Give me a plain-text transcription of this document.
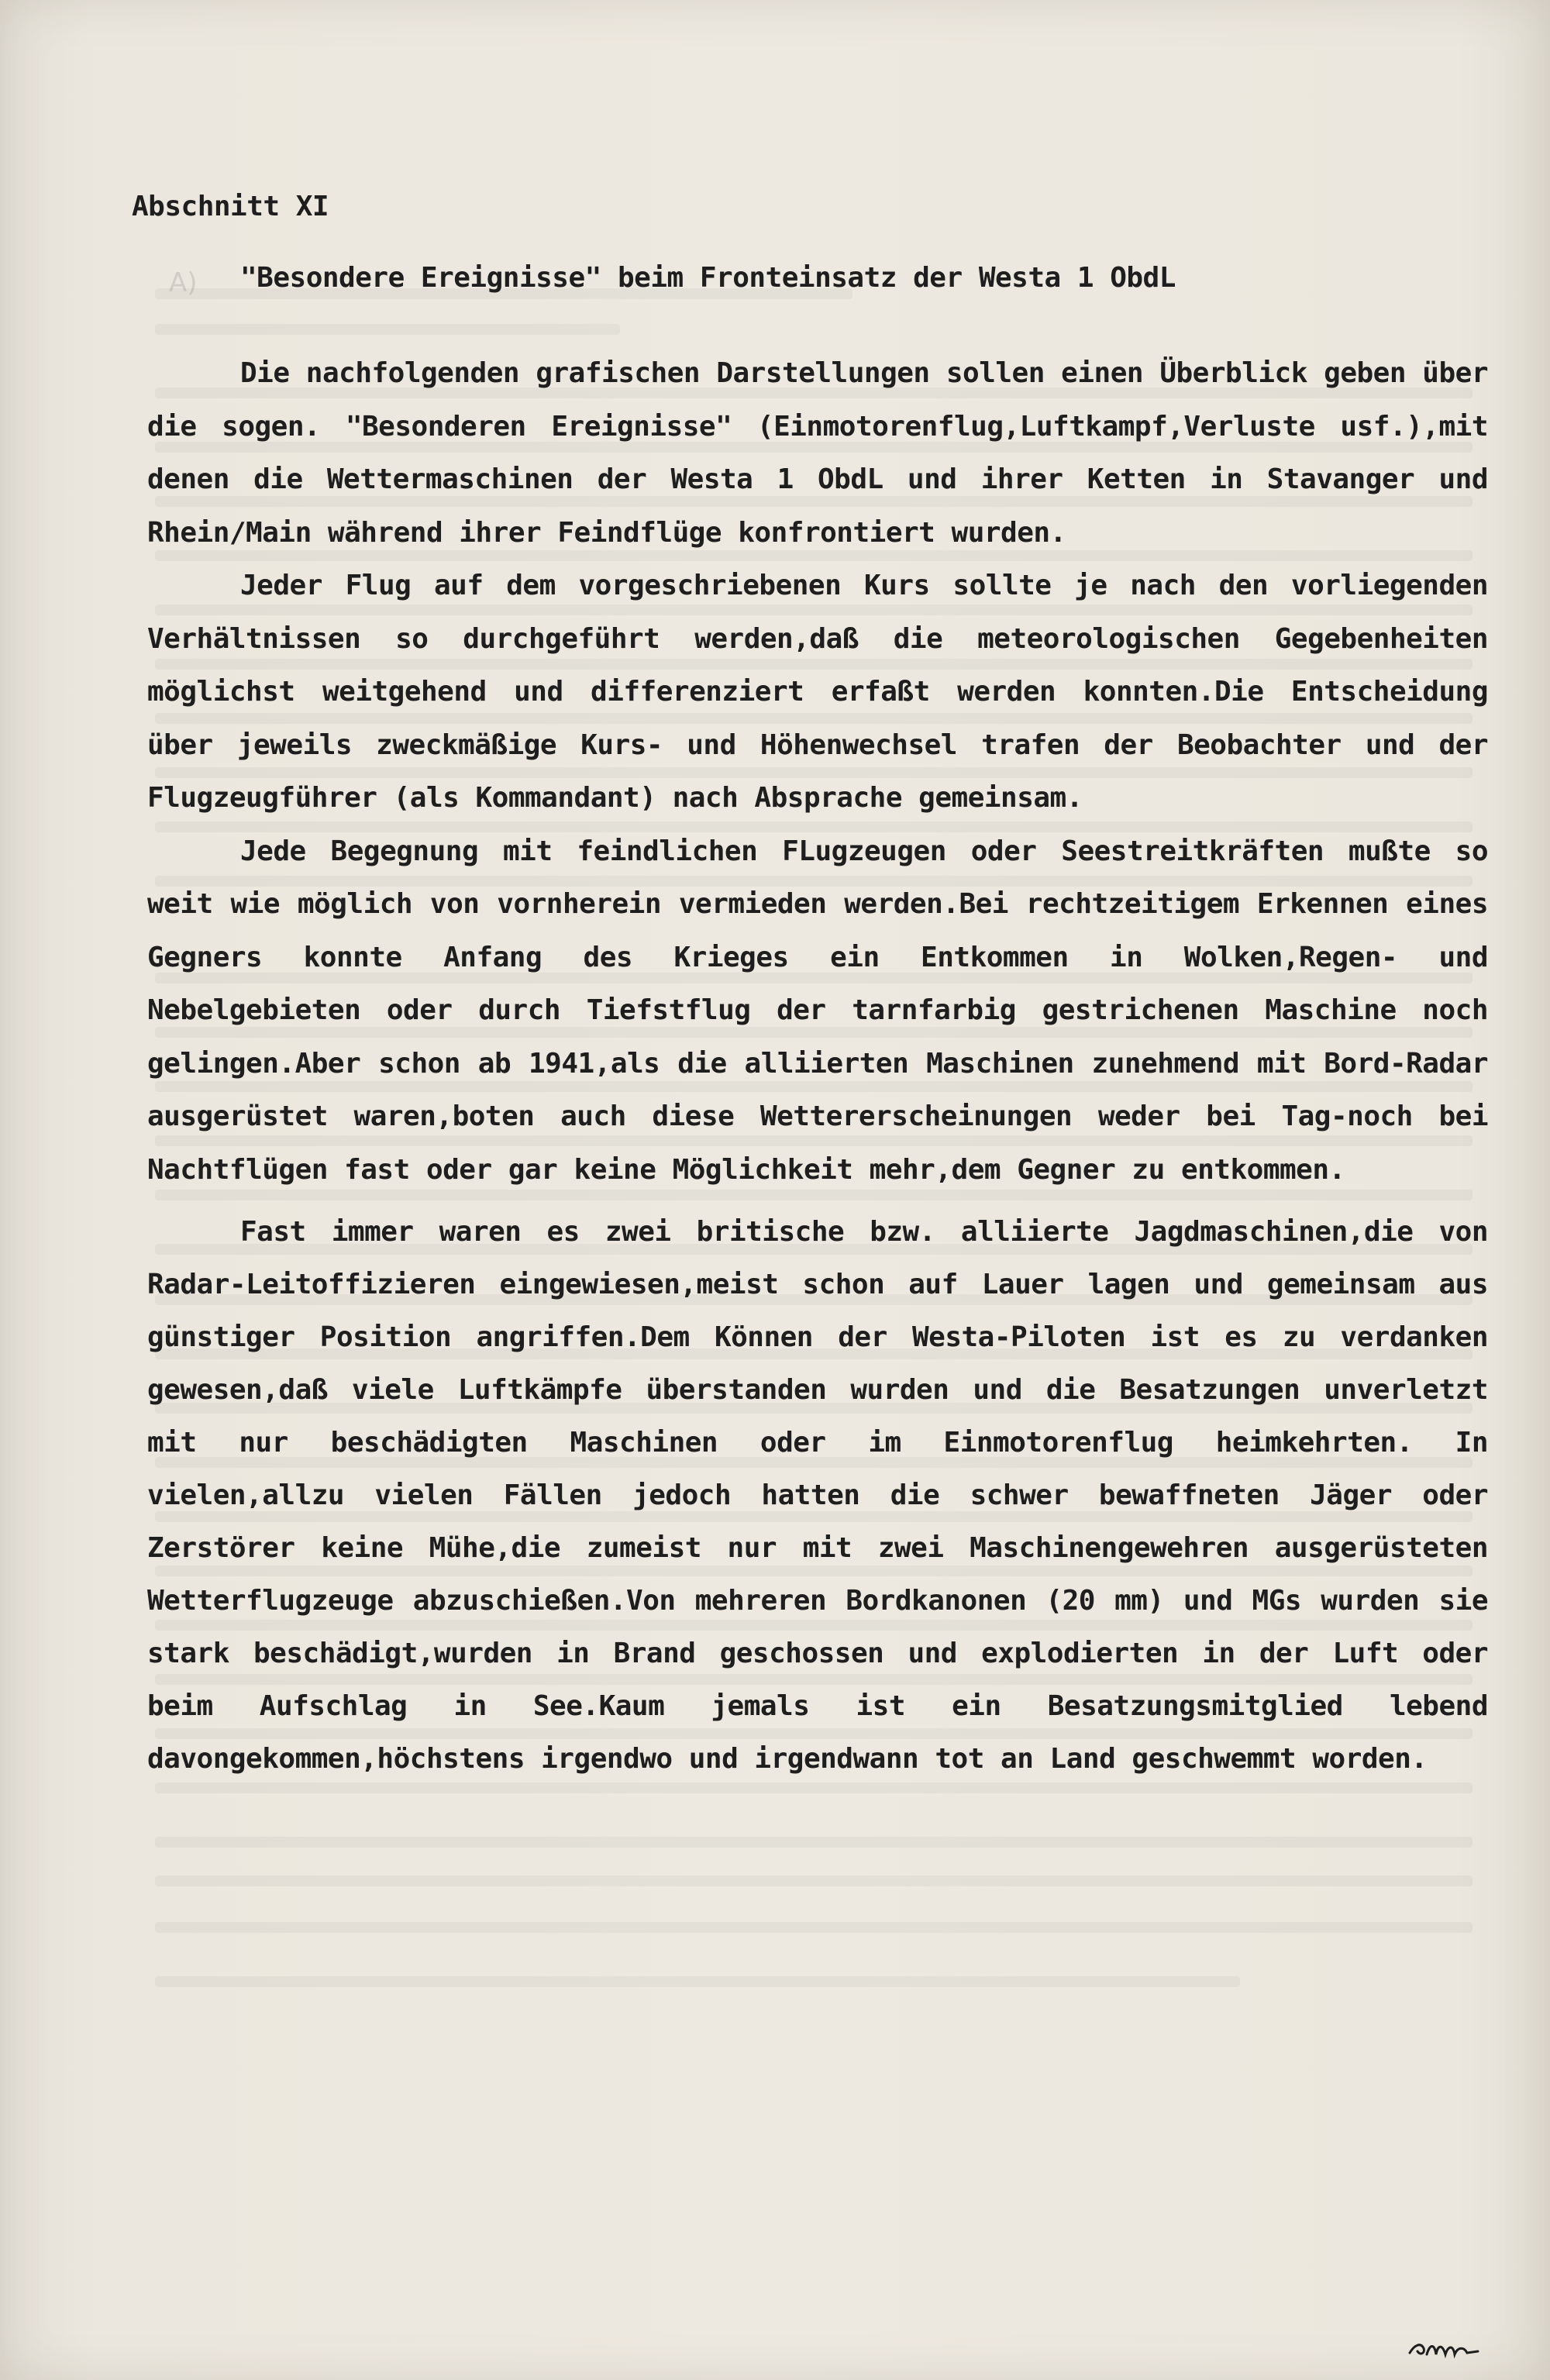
A)
Abschnitt XI
"Besondere Ereignisse" beim Fronteinsatz der Westa 1 ObdL

Die nachfolgenden grafischen Darstellungen sollen einen Überblick geben über die sogen. "Besonderen Ereignisse" (Einmotorenflug,Luftkampf,Verluste usf.),mit denen die Wettermaschinen der Westa 1 ObdL und ihrer Ketten in Stavanger und Rhein/Main während ihrer Feindflüge konfrontiert wurden.

Jeder Flug auf dem vorgeschriebenen Kurs sollte je nach den vorliegenden Verhältnissen so durchgeführt werden,daß die meteorologischen Gegebenheiten möglichst weitgehend und differenziert erfaßt werden konnten.Die Entscheidung über jeweils zweckmäßige Kurs- und Höhenwechsel trafen der Beobachter und der Flugzeugführer (als Kommandant) nach Absprache gemeinsam.

Jede Begegnung mit feindlichen FLugzeugen oder Seestreitkräften mußte so weit wie möglich von vornherein vermieden werden.Bei rechtzeitigem Erkennen eines Gegners konnte Anfang des Krieges ein Entkommen in Wolken,Regen- und Nebelgebieten oder durch Tiefstflug der tarnfarbig gestrichenen Maschine noch gelingen.Aber schon ab 1941,als die alliierten Maschinen zunehmend mit Bord-Radar ausgerüstet waren,boten auch diese Wettererscheinungen weder bei Tag-noch bei Nachtflügen fast oder gar keine Möglichkeit mehr,dem Gegner zu entkommen.

Fast immer waren es zwei britische bzw. alliierte Jagdmaschinen,die von Radar-Leitoffizieren eingewiesen,meist schon auf Lauer lagen und gemeinsam aus günstiger Position angriffen.Dem Können der Westa-Piloten ist es zu verdanken gewesen,daß viele Luftkämpfe überstanden wurden und die Besatzungen unverletzt mit nur beschädigten Maschinen oder im Einmotorenflug heimkehrten. In vielen,allzu vielen Fällen jedoch hatten die schwer bewaffneten Jäger oder Zerstörer keine Mühe,die zumeist nur mit zwei Maschinengewehren ausgerüsteten Wetterflugzeuge abzuschießen.Von mehreren Bordkanonen (20 mm) und MGs wurden sie stark beschädigt,wurden in Brand geschossen und explodierten in der Luft oder beim Aufschlag in See.Kaum jemals ist ein Besatzungsmitglied lebend davongekommen,höchstens irgendwo und irgendwann tot an Land geschwemmt worden.
